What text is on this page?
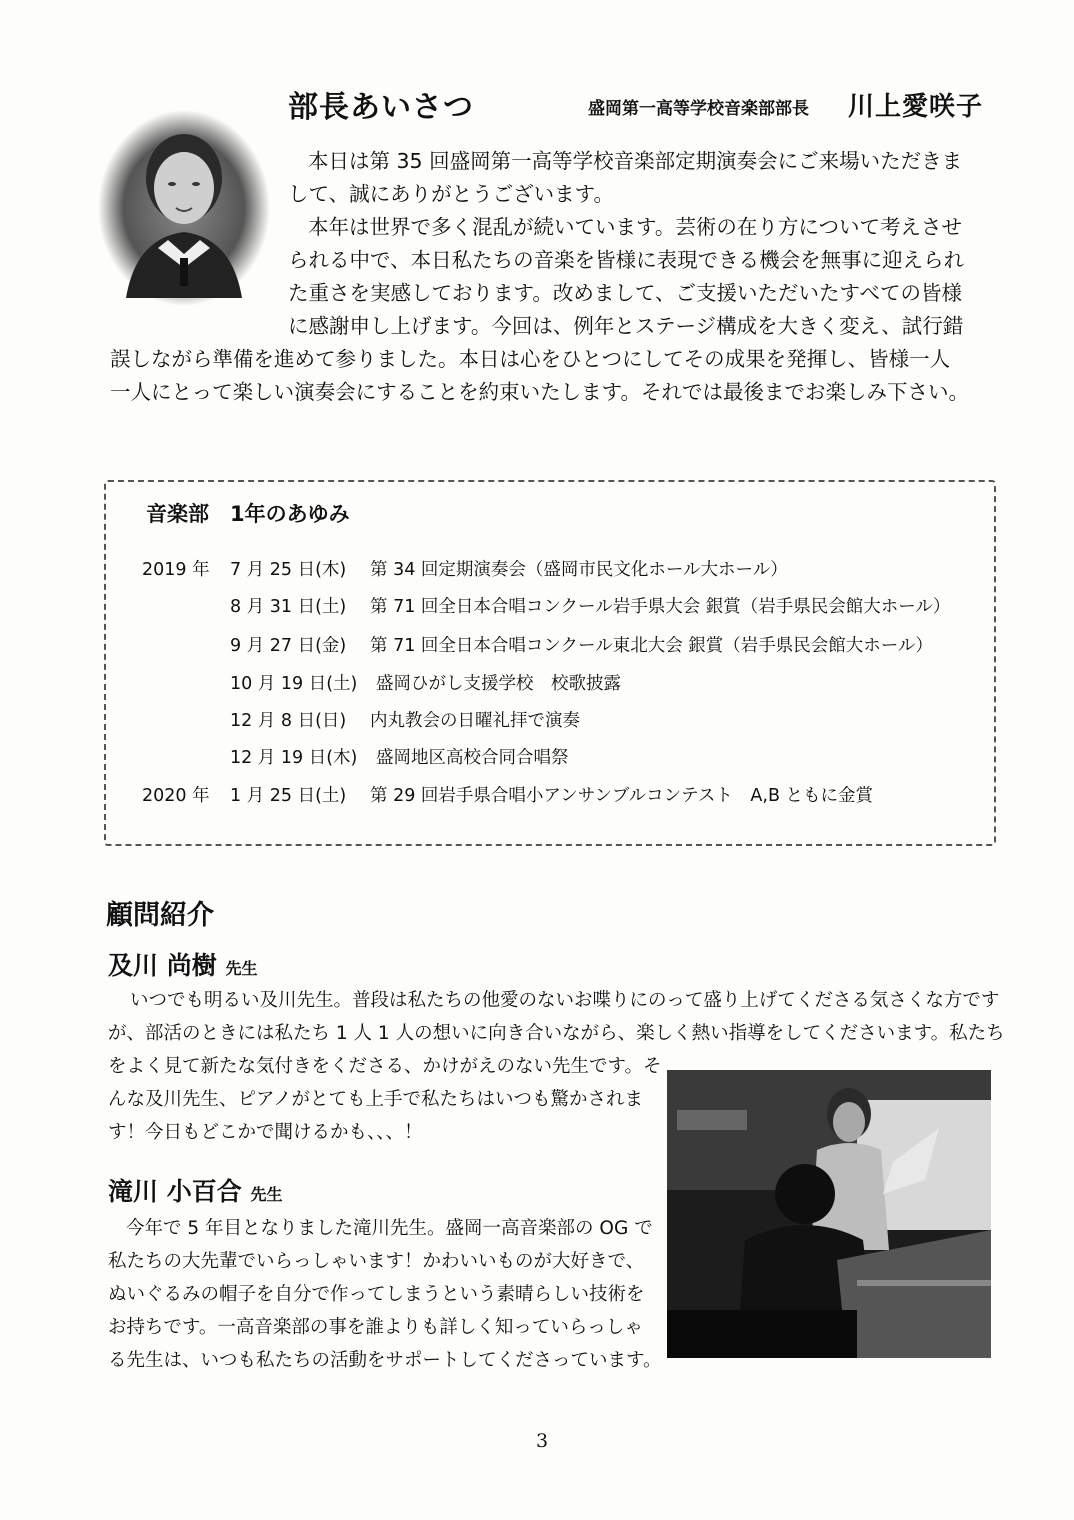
部長あいさつ	盛岡第一高等学校音楽部部長 川上愛咲子
本日は第 35 回盛岡第一高等学校音楽部定期演奏会にご来場いただきま
して、誠にありがとうございます。
本年は世界で多く混乱が続いています。芸術の在り方について考えさせ
られる中で、本日私たちの音楽を皆様に表現できる機会を無事に迎えられ
た重さを実感しております。改めまして、ご支援いただいたすべての皆様
に感謝申し上げます。今回は、例年とステージ構成を大きく変え、試行錯
誤しながら準備を進めて参りました。本日は心をひとつにしてその成果を発揮し、皆様一人
一人にとって楽しい演奏会にすることを約束いたします。それでは最後までお楽しみ下さい。
音楽部　1年のあゆみ
2019 年 7 月 25 日(木) 第 34 回定期演奏会（盛岡市民文化ホール大ホール）
8 月 31 日(土) 第 71 回全日本合唱コンクール岩手県大会 銀賞（岩手県民会館大ホール）
9 月 27 日(金) 第 71 回全日本合唱コンクール東北大会 銀賞（岩手県民会館大ホール）
10 月 19 日(土) 盛岡ひがし支援学校　校歌披露
12 月 8 日(日) 内丸教会の日曜礼拝で演奏
12 月 19 日(木) 盛岡地区高校合同合唱祭
2020 年 1 月 25 日(土) 第 29 回岩手県合唱小アンサンブルコンテスト　A,B ともに金賞
顧問紹介
及川 尚樹 先生
いつでも明るい及川先生。普段は私たちの他愛のないお喋りにのって盛り上げてくださる気さくな方です
が、部活のときには私たち 1 人 1 人の想いに向き合いながら、楽しく熱い指導をしてくださいます。私たち
をよく見て新たな気付きをくださる、かけがえのない先生です。そ
んな及川先生、ピアノがとても上手で私たちはいつも驚かされま
す！今日もどこかで聞けるかも、、、！
滝川 小百合 先生
今年で 5 年目となりました滝川先生。盛岡一高音楽部の OG で
私たちの大先輩でいらっしゃいます！かわいいものが大好きで、
ぬいぐるみの帽子を自分で作ってしまうという素晴らしい技術を
お持ちです。一高音楽部の事を誰よりも詳しく知っていらっしゃ
る先生は、いつも私たちの活動をサポートしてくださっています。
3
